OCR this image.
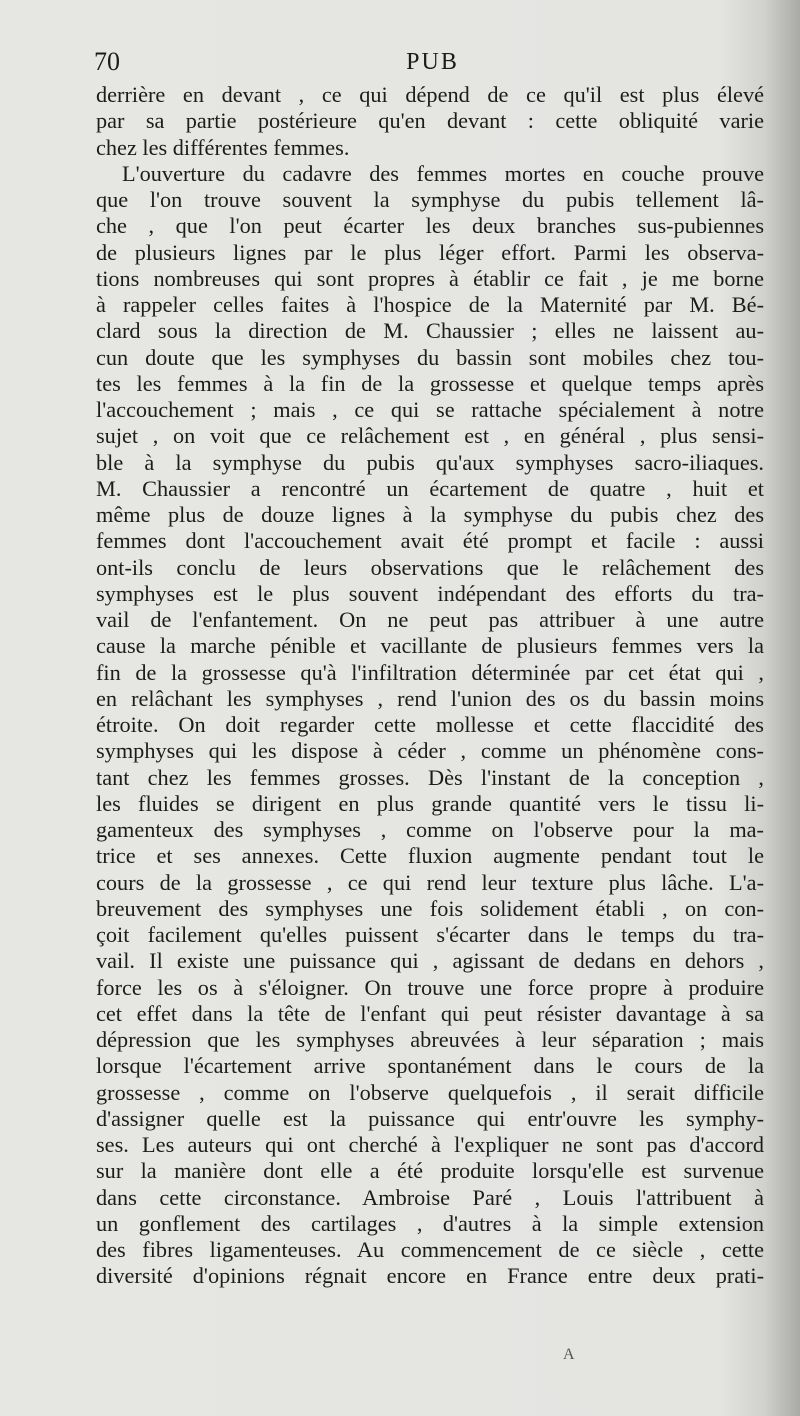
70	PUB
derrière en devant , ce qui dépend de ce qu'il est plus élevé
par sa partie postérieure qu'en devant : cette obliquité varie
chez les différentes femmes.
L'ouverture du cadavre des femmes mortes en couche prouve
que l'on trouve souvent la symphyse du pubis tellement lâ-
che , que l'on peut écarter les deux branches sus-pubiennes
de plusieurs lignes par le plus léger effort. Parmi les observa-
tions nombreuses qui sont propres à établir ce fait , je me borne
à rappeler celles faites à l'hospice de la Maternité par M. Bé-
clard sous la direction de M. Chaussier ; elles ne laissent au-
cun doute que les symphyses du bassin sont mobiles chez tou-
tes les femmes à la fin de la grossesse et quelque temps après
l'accouchement ; mais , ce qui se rattache spécialement à notre
sujet , on voit que ce relâchement est , en général , plus sensi-
ble à la symphyse du pubis qu'aux symphyses sacro-iliaques.
M. Chaussier a rencontré un écartement de quatre , huit et
même plus de douze lignes à la symphyse du pubis chez des
femmes dont l'accouchement avait été prompt et facile : aussi
ont-ils conclu de leurs observations que le relâchement des
symphyses est le plus souvent indépendant des efforts du tra-
vail de l'enfantement. On ne peut pas attribuer à une autre
cause la marche pénible et vacillante de plusieurs femmes vers la
fin de la grossesse qu'à l'infiltration déterminée par cet état qui ,
en relâchant les symphyses , rend l'union des os du bassin moins
étroite. On doit regarder cette mollesse et cette flaccidité des
symphyses qui les dispose à céder , comme un phénomène cons-
tant chez les femmes grosses. Dès l'instant de la conception ,
les fluides se dirigent en plus grande quantité vers le tissu li-
gamenteux des symphyses , comme on l'observe pour la ma-
trice et ses annexes. Cette fluxion augmente pendant tout le
cours de la grossesse , ce qui rend leur texture plus lâche. L'a-
breuvement des symphyses une fois solidement établi , on con-
çoit facilement qu'elles puissent s'écarter dans le temps du tra-
vail. Il existe une puissance qui , agissant de dedans en dehors ,
force les os à s'éloigner. On trouve une force propre à produire
cet effet dans la tête de l'enfant qui peut résister davantage à sa
dépression que les symphyses abreuvées à leur séparation ; mais
lorsque l'écartement arrive spontanément dans le cours de la
grossesse , comme on l'observe quelquefois , il serait difficile
d'assigner quelle est la puissance qui entr'ouvre les symphy-
ses. Les auteurs qui ont cherché à l'expliquer ne sont pas d'accord
sur la manière dont elle a été produite lorsqu'elle est survenue
dans cette circonstance. Ambroise Paré , Louis l'attribuent à
un gonflement des cartilages , d'autres à la simple extension
des fibres ligamenteuses. Au commencement de ce siècle , cette
diversité d'opinions régnait encore en France entre deux prati-
A
